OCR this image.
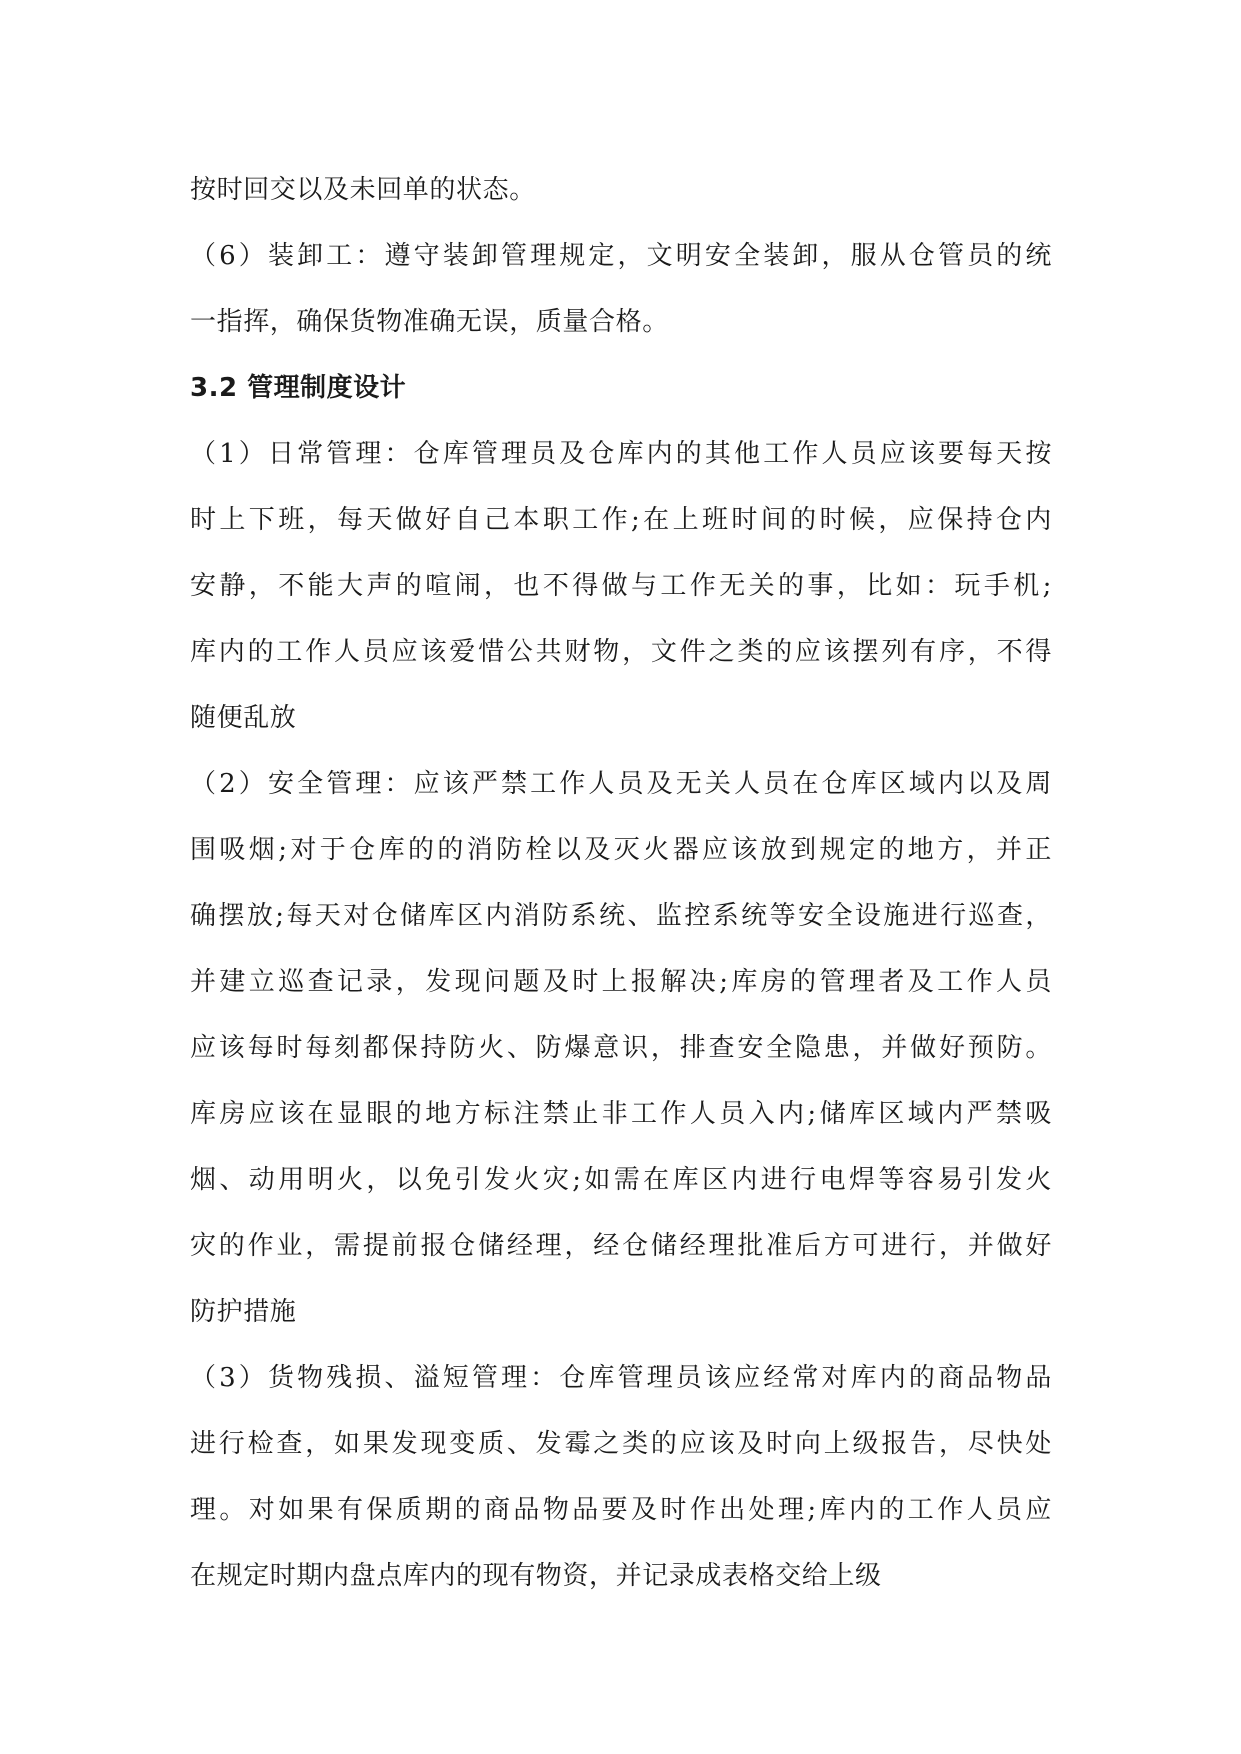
按时回交以及未回单的状态。
（6）装卸工：遵守装卸管理规定，文明安全装卸，服从仓管员的统
一指挥，确保货物准确无误，质量合格。
3.2 管理制度设计
（1）日常管理：仓库管理员及仓库内的其他工作人员应该要每天按
时上下班，每天做好自己本职工作;在上班时间的时候，应保持仓内
安静，不能大声的喧闹，也不得做与工作无关的事，比如：玩手机;
库内的工作人员应该爱惜公共财物，文件之类的应该摆列有序，不得
随便乱放
（2）安全管理：应该严禁工作人员及无关人员在仓库区域内以及周
围吸烟;对于仓库的的消防栓以及灭火器应该放到规定的地方，并正
确摆放;每天对仓储库区内消防系统、监控系统等安全设施进行巡查，
并建立巡查记录，发现问题及时上报解决;库房的管理者及工作人员
应该每时每刻都保持防火、防爆意识，排查安全隐患，并做好预防。
库房应该在显眼的地方标注禁止非工作人员入内;储库区域内严禁吸
烟、动用明火，以免引发火灾;如需在库区内进行电焊等容易引发火
灾的作业，需提前报仓储经理，经仓储经理批准后方可进行，并做好
防护措施
（3）货物残损、溢短管理：仓库管理员该应经常对库内的商品物品
进行检查，如果发现变质、发霉之类的应该及时向上级报告，尽快处
理。对如果有保质期的商品物品要及时作出处理;库内的工作人员应
在规定时期内盘点库内的现有物资，并记录成表格交给上级
